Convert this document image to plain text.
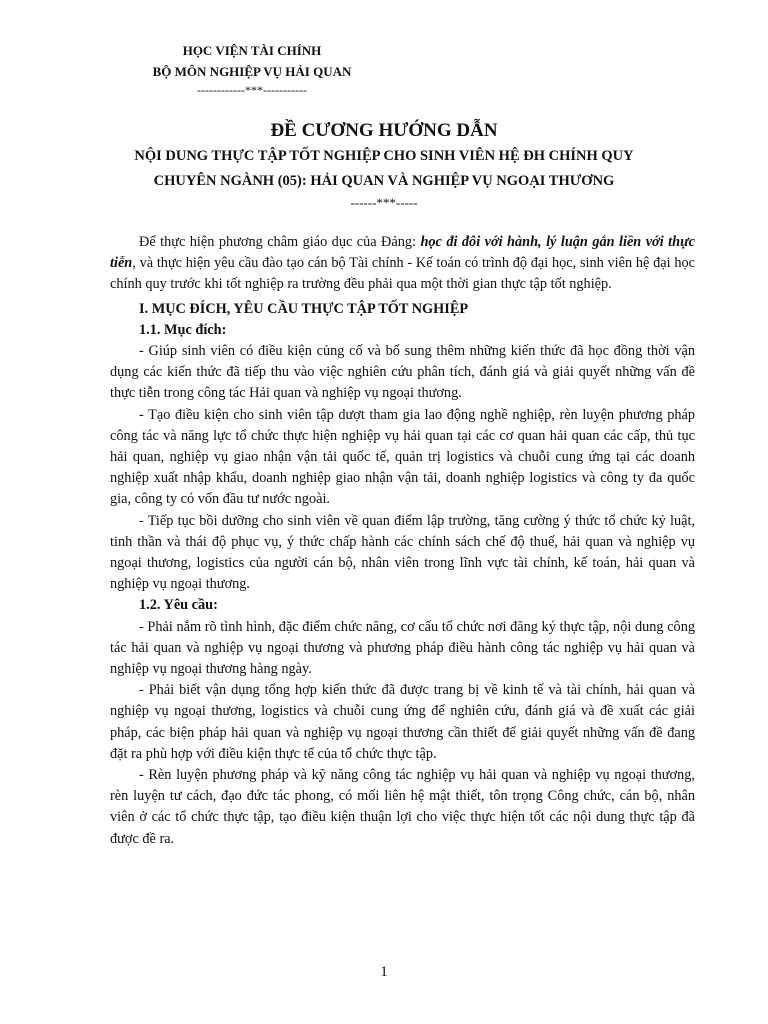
HỌC VIỆN TÀI CHÍNH
BỘ MÔN NGHIỆP VỤ HẢI QUAN
------------***-----------
ĐỀ CƯƠNG HƯỚNG DẪN
NỘI DUNG THỰC TẬP TỐT NGHIỆP CHO SINH VIÊN HỆ ĐH CHÍNH QUY
CHUYÊN NGÀNH (05): HẢI QUAN VÀ NGHIỆP VỤ NGOẠI THƯƠNG
------***-----

Để thực hiện phương châm giáo dục của Đảng: học đi đôi với hành, lý luận gắn liền với thực tiễn, và thực hiện yêu cầu đào tạo cán bộ Tài chính - Kế toán có trình độ đại học, sinh viên hệ đại học chính quy trước khi tốt nghiệp ra trường đều phải qua một thời gian thực tập tốt nghiệp.

I. MỤC ĐÍCH, YÊU CẦU THỰC TẬP TỐT NGHIỆP

1.1. Mục đích:

- Giúp sinh viên có điều kiện củng cố và bổ sung thêm những kiến thức đã học đồng thời vận dụng các kiến thức đã tiếp thu vào việc nghiên cứu phân tích, đánh giá và giải quyết những vấn đề thực tiễn trong công tác Hải quan và nghiệp vụ ngoại thương.

- Tạo điều kiện cho sinh viên tập dượt tham gia lao động nghề nghiệp, rèn luyện phương pháp công tác và năng lực tổ chức thực hiện nghiệp vụ hải quan tại các cơ quan hải quan các cấp, thủ tục hải quan, nghiệp vụ giao nhận vận tải quốc tế, quản trị logistics và chuỗi cung ứng tại các doanh nghiệp xuất nhập khẩu, doanh nghiệp giao nhận vận tải, doanh nghiệp logistics và công ty đa quốc gia, công ty có vốn đầu tư nước ngoài.

- Tiếp tục bồi dưỡng cho sinh viên về quan điểm lập trường, tăng cường ý thức tổ chức kỷ luật, tinh thần và thái độ phục vụ, ý thức chấp hành các chính sách chế độ thuế, hải quan và nghiệp vụ ngoại thương, logistics của người cán bộ, nhân viên trong lĩnh vực tài chính, kế toán, hải quan và nghiệp vụ ngoại thương.

1.2. Yêu cầu:

- Phải nắm rõ tình hình, đặc điểm chức năng, cơ cấu tổ chức nơi đăng ký thực tập, nội dung công tác hải quan và nghiệp vụ ngoại thương và phương pháp điều hành công tác nghiệp vụ hải quan và nghiệp vụ ngoại thương hàng ngày.

- Phải biết vận dụng tổng hợp kiến thức đã được trang bị về kinh tế và tài chính, hải quan và nghiệp vụ ngoại thương, logistics và chuỗi cung ứng để nghiên cứu, đánh giá và đề xuất các giải pháp, các biện pháp hải quan và nghiệp vụ ngoại thương cần thiết để giải quyết những vấn đề đang đặt ra phù hợp với điều kiện thực tế của tổ chức thực tập.

- Rèn luyện phương pháp và kỹ năng công tác nghiệp vụ hải quan và nghiệp vụ ngoại thương, rèn luyện tư cách, đạo đức tác phong, có mối liên hệ mật thiết, tôn trọng Công chức, cán bộ, nhân viên ở các tổ chức thực tập, tạo điều kiện thuận lợi cho việc thực hiện tốt các nội dung thực tập đã được đề ra.

1
